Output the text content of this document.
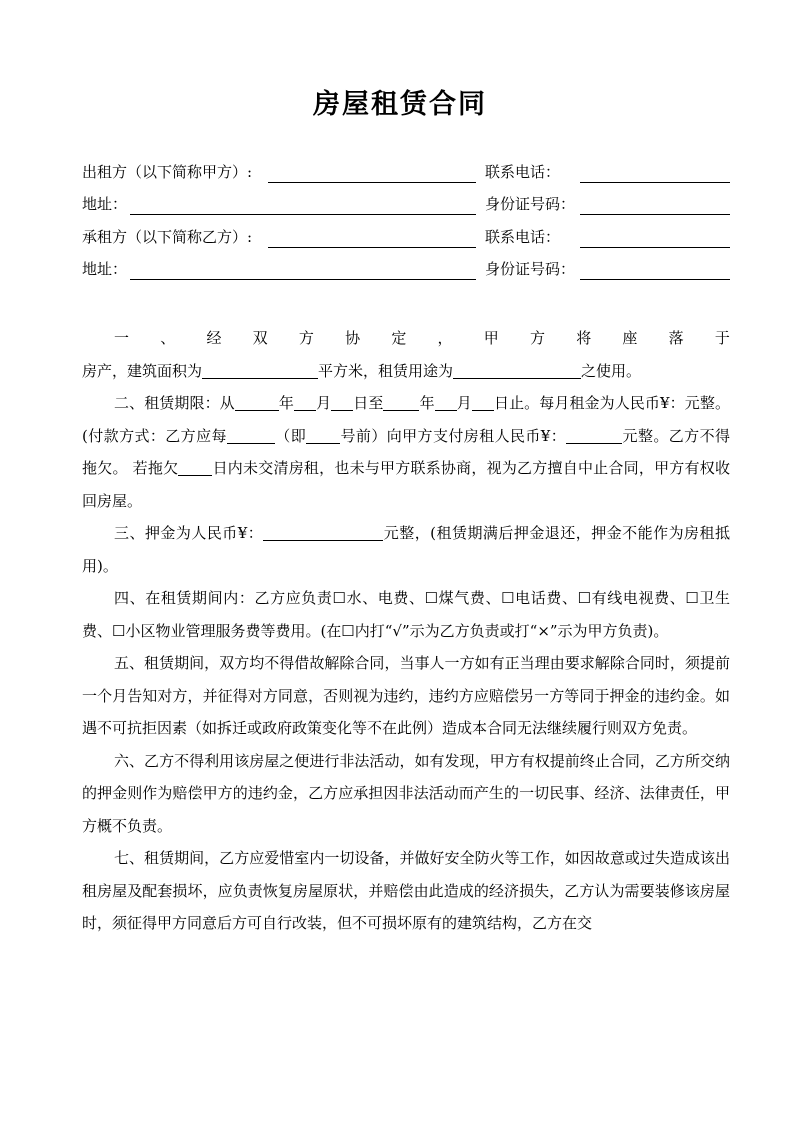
房屋租赁合同
出租方（以下简称甲方）:	联系电话：
地址：	身份证号码：
承租方（以下简称乙方）:	联系电话：
地址：	身份证号码：
一 、 经 双 方 协 定 ， 甲 方 将 座 落 于

房产，建筑面积为	平方米，租赁用途为	之使用。

二、租赁期限：从	年 月 日至 年 月 日止。每月租金为人民币¥：元整。(付款方式：乙方应每	（即 号前）向甲方支付房租人民币¥：	元整。乙方不得拖欠。 若拖欠 日内未交清房租，也未与甲方联系协商，视为乙方擅自中止合同，甲方有权收回房屋。

三、押金为人民币¥：	元整，(租赁期满后押金退还，押金不能作为房租抵用)。

四、在租赁期间内：乙方应负责☐水、电费、☐煤气费、☐电话费、☐有线电视费、☐卫生费、☐小区物业管理服务费等费用。(在☐内打“√”示为乙方负责或打“×”示为甲方负责)。

五、租赁期间，双方均不得借故解除合同，当事人一方如有正当理由要求解除合同时，须提前一个月告知对方，并征得对方同意，否则视为违约，违约方应赔偿另一方等同于押金的违约金。如遇不可抗拒因素（如拆迁或政府政策变化等不在此例）造成本合同无法继续履行则双方免责。

六、乙方不得利用该房屋之便进行非法活动，如有发现，甲方有权提前终止合同，乙方所交纳的押金则作为赔偿甲方的违约金，乙方应承担因非法活动而产生的一切民事、经济、法律责任，甲方概不负责。

七、租赁期间，乙方应爱惜室内一切设备，并做好安全防火等工作，如因故意或过失造成该出租房屋及配套损坏，应负责恢复房屋原状，并赔偿由此造成的经济损失，乙方认为需要装修该房屋时，须征得甲方同意后方可自行改装，但不可损坏原有的建筑结构，乙方在交
